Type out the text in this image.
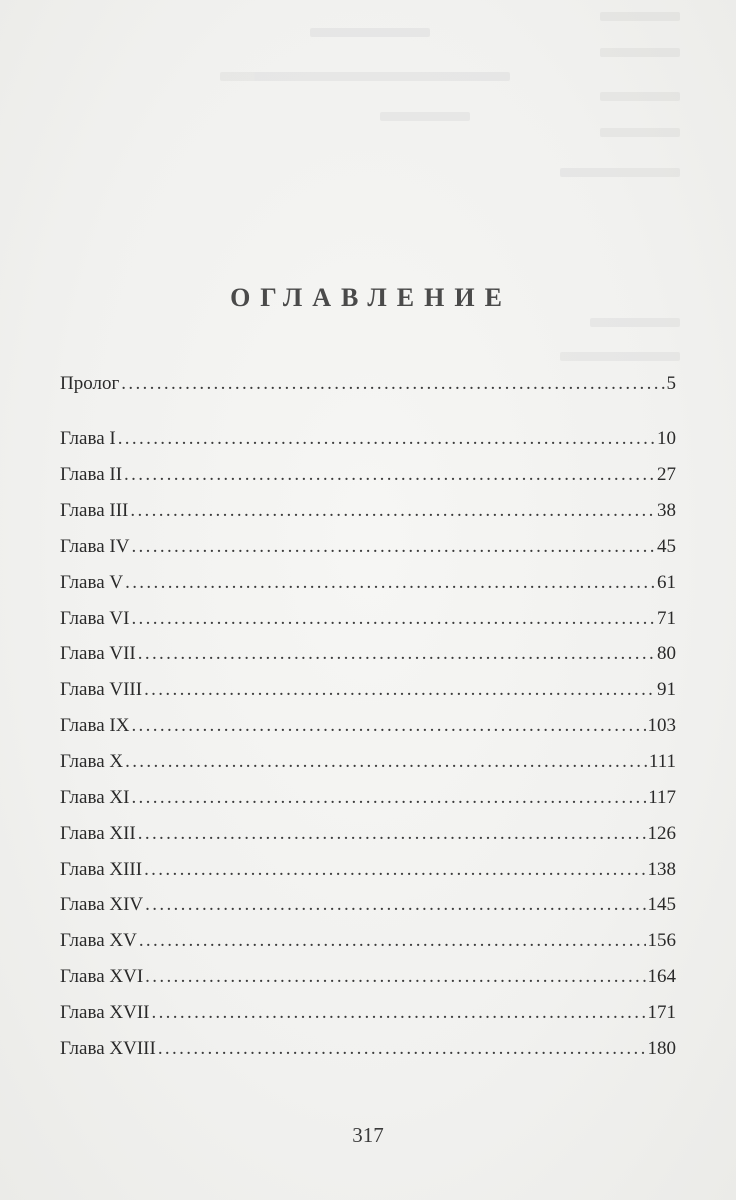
ОГЛАВЛЕНИЕ
Пролог . . .	5
Глава I . . .	10
Глава II . . .	27
Глава III . . .	38
Глава IV . . .	45
Глава V . . .	61
Глава VI . . .	71
Глава VII . . .	80
Глава VIII . . .	91
Глава IX . . .	103
Глава X . . .	111
Глава XI . . .	117
Глава XII . . .	126
Глава XIII . . .	138
Глава XIV . . .	145
Глава XV . . .	156
Глава XVI . . .	164
Глава XVII . . .	171
Глава XVIII . . .	180
317
